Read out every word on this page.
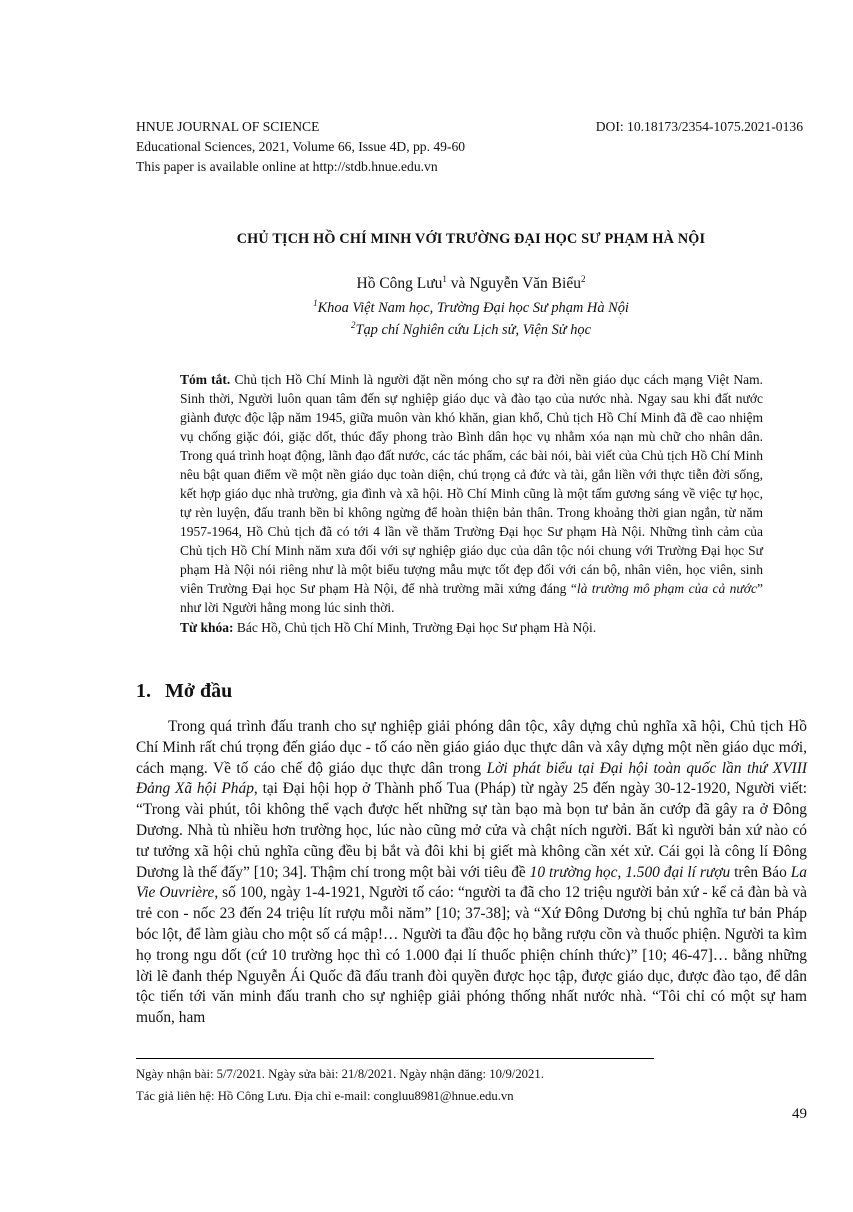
HNUE JOURNAL OF SCIENCE	DOI: 10.18173/2354-1075.2021-0136
Educational Sciences, 2021, Volume 66, Issue 4D, pp. 49-60
This paper is available online at http://stdb.hnue.edu.vn
CHỦ TỊCH HỒ CHÍ MINH VỚI TRƯỜNG ĐẠI HỌC SƯ PHẠM HÀ NỘI
Hồ Công Lưu$^1$ và Nguyễn Văn Biểu$^2$
$^1$Khoa Việt Nam học, Trường Đại học Sư phạm Hà Nội
$^2$Tạp chí Nghiên cứu Lịch sử, Viện Sử học

Tóm tắt. Chủ tịch Hồ Chí Minh là người đặt nền móng cho sự ra đời nền giáo dục cách mạng Việt Nam. Sinh thời, Người luôn quan tâm đến sự nghiệp giáo dục và đào tạo của nước nhà. Ngay sau khi đất nước giành được độc lập năm 1945, giữa muôn vàn khó khăn, gian khổ, Chủ tịch Hồ Chí Minh đã đề cao nhiệm vụ chống giặc đói, giặc dốt, thúc đẩy phong trào Bình dân học vụ nhằm xóa nạn mù chữ cho nhân dân. Trong quá trình hoạt động, lãnh đạo đất nước, các tác phẩm, các bài nói, bài viết của Chủ tịch Hồ Chí Minh nêu bật quan điểm về một nền giáo dục toàn diện, chú trọng cả đức và tài, gắn liền với thực tiễn đời sống, kết hợp giáo dục nhà trường, gia đình và xã hội. Hồ Chí Minh cũng là một tấm gương sáng về việc tự học, tự rèn luyện, đấu tranh bền bỉ không ngừng để hoàn thiện bản thân. Trong khoảng thời gian ngắn, từ năm 1957-1964, Hồ Chủ tịch đã có tới 4 lần về thăm Trường Đại học Sư phạm Hà Nội. Những tình cảm của Chủ tịch Hồ Chí Minh năm xưa đối với sự nghiệp giáo dục của dân tộc nói chung với Trường Đại học Sư phạm Hà Nội nói riêng như là một biểu tượng mẫu mực tốt đẹp đối với cán bộ, nhân viên, học viên, sinh viên Trường Đại học Sư phạm Hà Nội, để nhà trường mãi xứng đáng “là trường mô phạm của cả nước” như lời Người hằng mong lúc sinh thời.

Từ khóa: Bác Hồ, Chủ tịch Hồ Chí Minh, Trường Đại học Sư phạm Hà Nội.

1. Mở đầu

Trong quá trình đấu tranh cho sự nghiệp giải phóng dân tộc, xây dựng chủ nghĩa xã hội, Chủ tịch Hồ Chí Minh rất chú trọng đến giáo dục - tố cáo nền giáo giáo dục thực dân và xây dựng một nền giáo dục mới, cách mạng. Về tố cáo chế độ giáo dục thực dân trong Lời phát biểu tại Đại hội toàn quốc lần thứ XVIII Đảng Xã hội Pháp, tại Đại hội họp ở Thành phố Tua (Pháp) từ ngày 25 đến ngày 30-12-1920, Người viết: “Trong vài phút, tôi không thể vạch được hết những sự tàn bạo mà bọn tư bản ăn cướp đã gây ra ở Đông Dương. Nhà tù nhiều hơn trường học, lúc nào cũng mở cửa và chật ních người. Bất kì người bản xứ nào có tư tưởng xã hội chủ nghĩa cũng đều bị bắt và đôi khi bị giết mà không cần xét xử. Cái gọi là công lí Đông Dương là thế đấy” [10; 34]. Thậm chí trong một bài với tiêu đề 10 trường học, 1.500 đại lí rượu trên Báo La Vie Ouvrière, số 100, ngày 1-4-1921, Người tố cáo: “người ta đã cho 12 triệu người bản xứ - kể cả đàn bà và trẻ con - nốc 23 đến 24 triệu lít rượu mỗi năm” [10; 37-38]; và “Xứ Đông Dương bị chủ nghĩa tư bản Pháp bóc lột, để làm giàu cho một số cá mập!… Người ta đầu độc họ bằng rượu cồn và thuốc phiện. Người ta kìm họ trong ngu dốt (cứ 10 trường học thì có 1.000 đại lí thuốc phiện chính thức)” [10; 46-47]… bằng những lời lẽ đanh thép Nguyễn Ái Quốc đã đấu tranh đòi quyền được học tập, được giáo dục, được đào tạo, để dân tộc tiến tới văn minh đấu tranh cho sự nghiệp giải phóng thống nhất nước nhà. “Tôi chỉ có một sự ham muốn, ham

Ngày nhận bài: 5/7/2021. Ngày sửa bài: 21/8/2021. Ngày nhận đăng: 10/9/2021.
Tác giả liên hệ: Hồ Công Lưu. Địa chỉ e-mail: congluu8981@hnue.edu.vn
49
